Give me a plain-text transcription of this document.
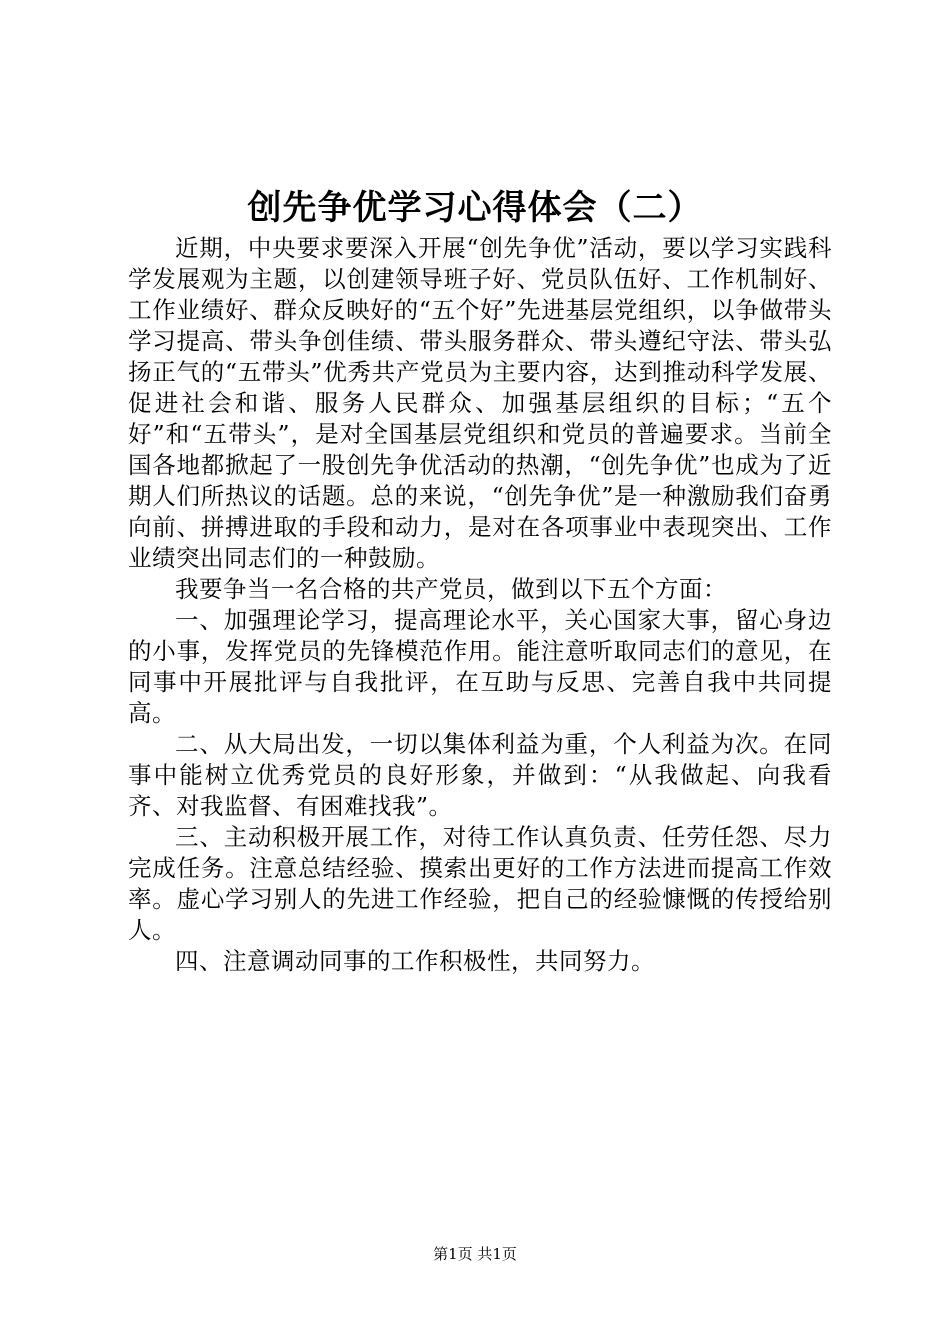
创先争优学习心得体会（二）

近期，中央要求要深入开展“创先争优”活动，要以学习实践科学发展观为主题，以创建领导班子好、党员队伍好、工作机制好、工作业绩好、群众反映好的“五个好”先进基层党组织，以争做带头学习提高、带头争创佳绩、带头服务群众、带头遵纪守法、带头弘扬正气的“五带头”优秀共产党员为主要内容，达到推动科学发展、促进社会和谐、服务人民群众、加强基层组织的目标；“五个好”和“五带头”，是对全国基层党组织和党员的普遍要求。当前全国各地都掀起了一股创先争优活动的热潮，“创先争优”也成为了近期人们所热议的话题。总的来说，“创先争优”是一种激励我们奋勇向前、拼搏进取的手段和动力，是对在各项事业中表现突出、工作业绩突出同志们的一种鼓励。

我要争当一名合格的共产党员，做到以下五个方面：

一、加强理论学习，提高理论水平，关心国家大事，留心身边的小事，发挥党员的先锋模范作用。能注意听取同志们的意见，在同事中开展批评与自我批评，在互助与反思、完善自我中共同提高。

二、从大局出发，一切以集体利益为重，个人利益为次。在同事中能树立优秀党员的良好形象，并做到：“从我做起、向我看齐、对我监督、有困难找我”。

三、主动积极开展工作，对待工作认真负责、任劳任怨、尽力完成任务。注意总结经验、摸索出更好的工作方法进而提高工作效率。虚心学习别人的先进工作经验，把自己的经验慷慨的传授给别人。

四、注意调动同事的工作积极性，共同努力。

第1页 共1页
